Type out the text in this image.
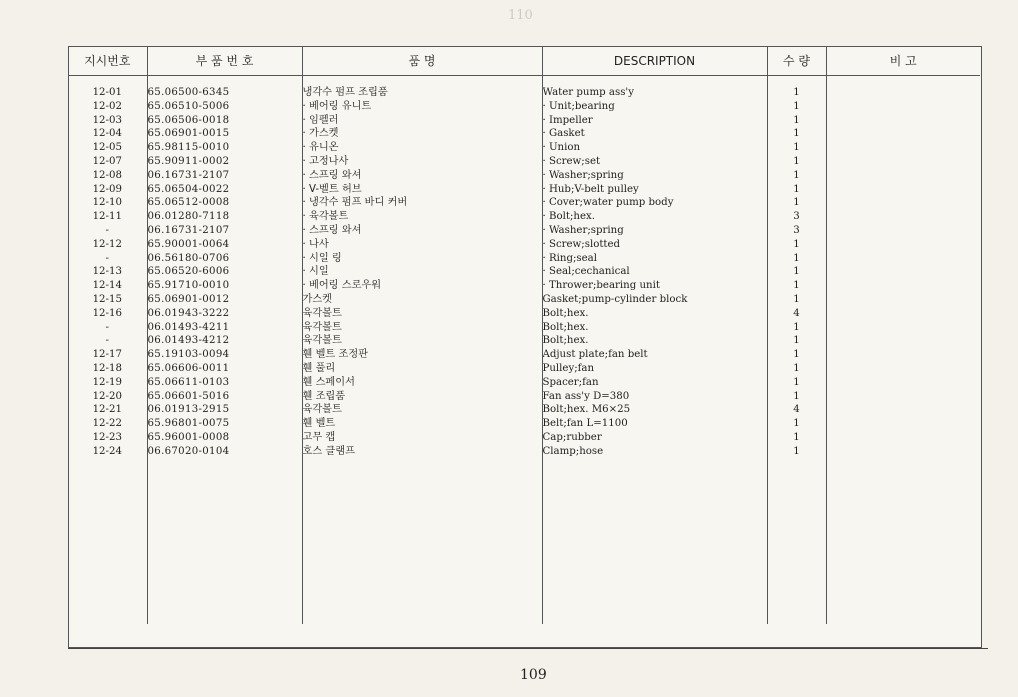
110
지시번호	부 품 번 호	품 명	DESCRIPTION	수 량	비 고
12-01	65.06500-6345	냉각수 펌프 조립품	Water pump ass'y	1	
12-02	65.06510-5006	· 베어링 유니트	· Unit;bearing	1	
12-03	65.06506-0018	· 임펠러	· Impeller	1	
12-04	65.06901-0015	· 가스켓	· Gasket	1	
12-05	65.98115-0010	· 유니온	· Union	1	
12-07	65.90911-0002	· 고정나사	· Screw;set	1	
12-08	06.16731-2107	· 스프링 와셔	· Washer;spring	1	
12-09	65.06504-0022	· V-벨트 허브	· Hub;V-belt pulley	1	
12-10	65.06512-0008	· 냉각수 펌프 바디 커버	· Cover;water pump body	1	
12-11	06.01280-7118	· 육각볼트	· Bolt;hex.	3	
-	06.16731-2107	· 스프링 와셔	· Washer;spring	3	
12-12	65.90001-0064	· 나사	· Screw;slotted	1	
-	06.56180-0706	· 시일 링	· Ring;seal	1	
12-13	65.06520-6006	· 시일	· Seal;cechanical	1	
12-14	65.91710-0010	· 베어링 스로우워	· Thrower;bearing unit	1	
12-15	65.06901-0012	가스켓	Gasket;pump-cylinder block	1	
12-16	06.01943-3222	육각볼트	Bolt;hex.	4	
-	06.01493-4211	육각볼트	Bolt;hex.	1	
-	06.01493-4212	육각볼트	Bolt;hex.	1	
12-17	65.19103-0094	휀 벨트 조정판	Adjust plate;fan belt	1	
12-18	65.06606-0011	휀 풀리	Pulley;fan	1	
12-19	65.06611-0103	휀 스페이서	Spacer;fan	1	
12-20	65.06601-5016	휀 조립품	Fan ass'y D=380	1	
12-21	06.01913-2915	육각볼트	Bolt;hex. M6×25	4	
12-22	65.96801-0075	휀 벨트	Belt;fan L=1100	1	
12-23	65.96001-0008	고무 캡	Cap;rubber	1	
12-24	06.67020-0104	호스 클램프	Clamp;hose	1	

109
